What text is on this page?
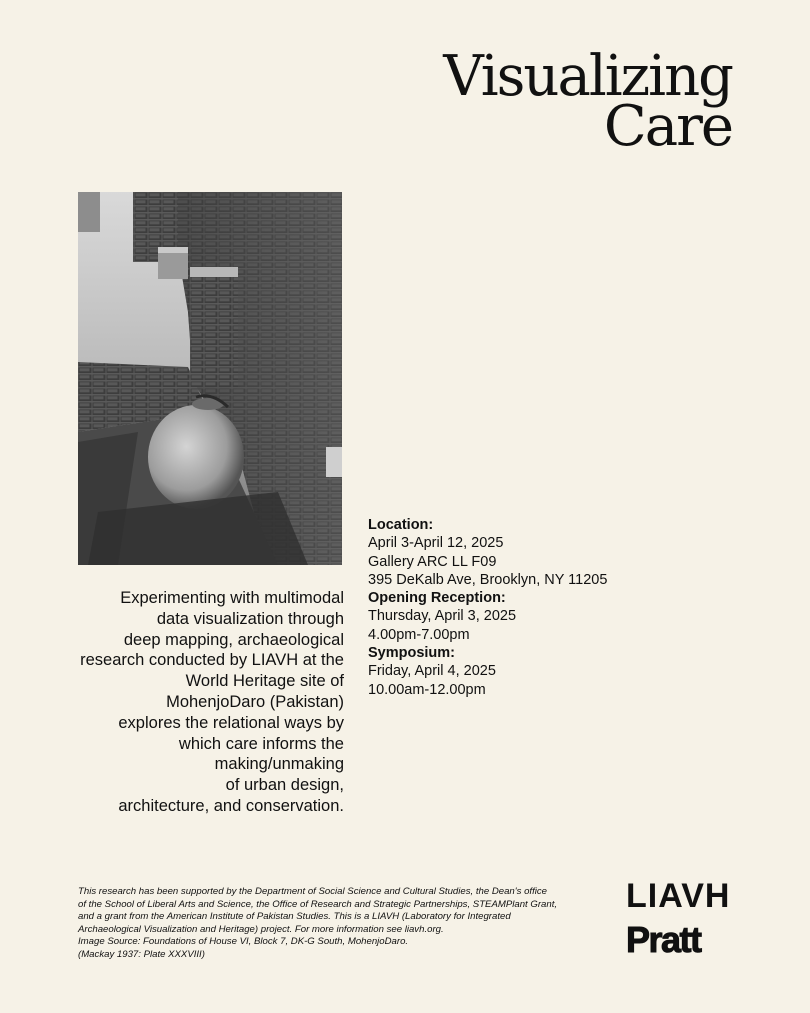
Visualizing
Care
Experimenting with multimodal
data visualization through
deep mapping, archaeological
research conducted by LIAVH at the
World Heritage site of
MohenjoDaro (Pakistan)
explores the relational ways by
which care informs the
making/unmaking
of urban design,
architecture, and conservation.
Location:
April 3-April 12, 2025
Gallery ARC LL F09
395 DeKalb Ave, Brooklyn, NY 11205
Opening Reception:
Thursday, April 3, 2025
4.00pm-7.00pm
Symposium:
Friday, April 4, 2025
10.00am-12.00pm
This research has been supported by the Department of Social Science and Cultural Studies, the Dean's office
of the School of Liberal Arts and Science, the Office of Research and Strategic Partnerships, STEAMPlant Grant,
and a grant from the American Institute of Pakistan Studies. This is a LIAVH (Laboratory for Integrated
Archaeological Visualization and Heritage) project. For more information see liavh.org.
Image Source: Foundations of House VI, Block 7, DK-G South, MohenjoDaro.
(Mackay 1937: Plate XXXVIII)
LIAVH
Pratt
